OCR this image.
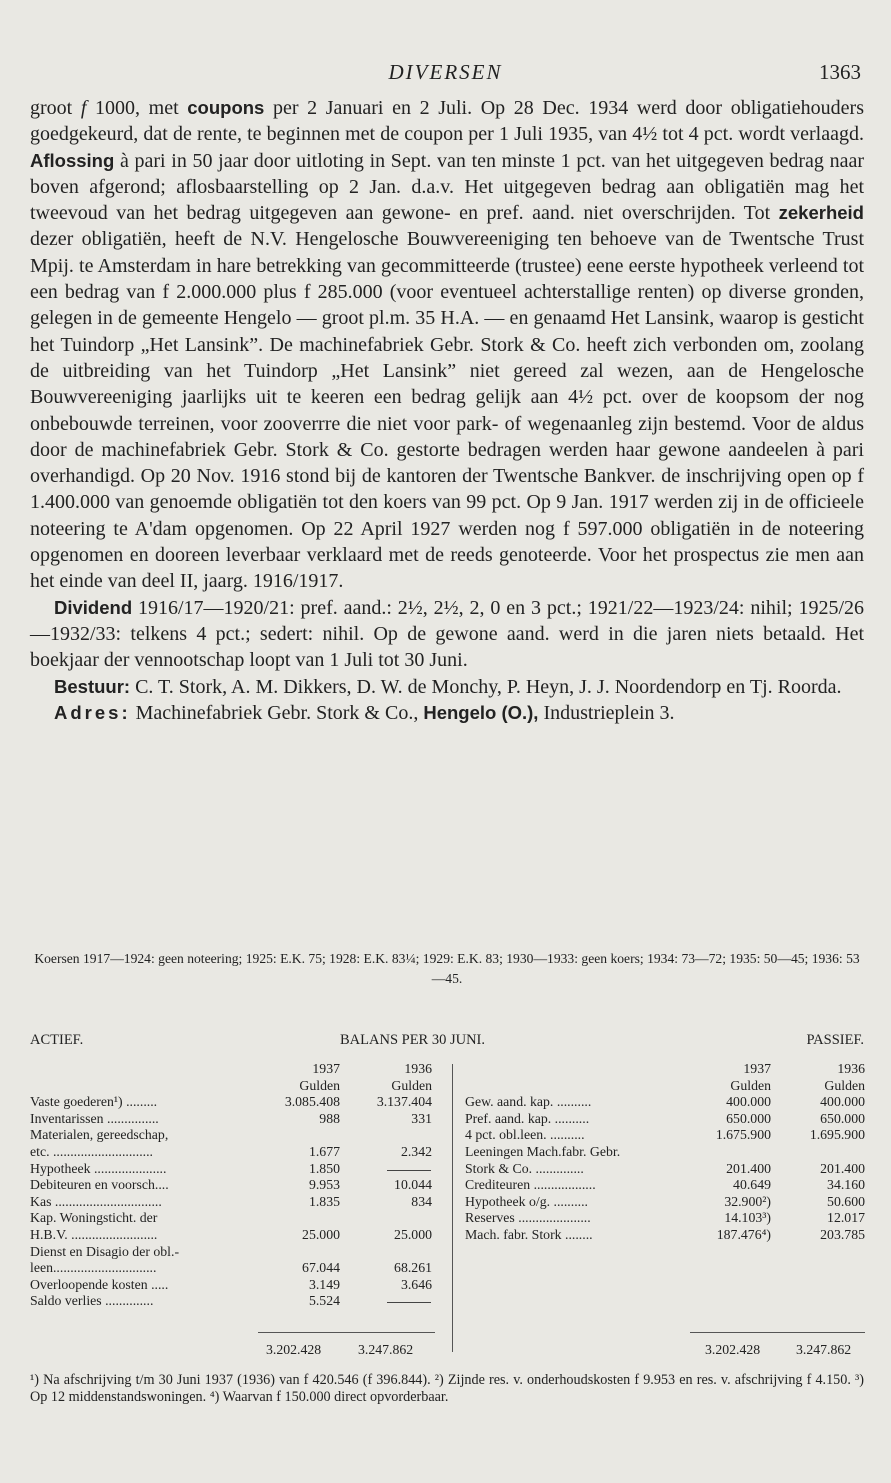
DIVERSEN	1363

groot f 1000, met coupons per 2 Januari en 2 Juli. Op 28 Dec. 1934 werd door obligatiehouders goedgekeurd, dat de rente, te beginnen met de coupon per 1 Juli 1935, van 4½ tot 4 pct. wordt verlaagd. Aflossing à pari in 50 jaar door uitloting in Sept. van ten minste 1 pct. van het uitgegeven bedrag naar boven afgerond; aflosbaarstelling op 2 Jan. d.a.v. Het uitgegeven bedrag aan obligatiën mag het tweevoud van het bedrag uitgegeven aan gewone- en pref. aand. niet overschrijden. Tot zekerheid dezer obligatiën, heeft de N.V. Hengelosche Bouwvereeniging ten behoeve van de Twentsche Trust Mpij. te Amsterdam in hare betrekking van gecommitteerde (trustee) eene eerste hypotheek verleend tot een bedrag van f 2.000.000 plus f 285.000 (voor eventueel achterstallige renten) op diverse gronden, gelegen in de gemeente Hengelo — groot pl.m. 35 H.A. — en genaamd Het Lansink, waarop is gesticht het Tuindorp „Het Lansink”. De machinefabriek Gebr. Stork & Co. heeft zich verbonden om, zoolang de uitbreiding van het Tuindorp „Het Lansink” niet gereed zal wezen, aan de Hengelosche Bouwvereeniging jaarlijks uit te keeren een bedrag gelijk aan 4½ pct. over de koopsom der nog onbebouwde terreinen, voor zooverrre die niet voor park- of wegenaanleg zijn bestemd. Voor de aldus door de machinefabriek Gebr. Stork & Co. gestorte bedragen werden haar gewone aandeelen à pari overhandigd. Op 20 Nov. 1916 stond bij de kantoren der Twentsche Bankver. de inschrijving open op f 1.400.000 van genoemde obligatiën tot den koers van 99 pct. Op 9 Jan. 1917 werden zij in de officieele noteering te A'dam opgenomen. Op 22 April 1927 werden nog f 597.000 obligatiën in de noteering opgenomen en dooreen leverbaar verklaard met de reeds genoteerde. Voor het prospectus zie men aan het einde van deel II, jaarg. 1916/1917.

Dividend 1916/17—1920/21: pref. aand.: 2½, 2½, 2, 0 en 3 pct.; 1921/22—1923/24: nihil; 1925/26—1932/33: telkens 4 pct.; sedert: nihil. Op de gewone aand. werd in die jaren niets betaald. Het boekjaar der vennootschap loopt van 1 Juli tot 30 Juni.

Bestuur: C. T. Stork, A. M. Dikkers, D. W. de Monchy, P. Heyn, J. J. Noordendorp en Tj. Roorda.

Adres: Machinefabriek Gebr. Stork & Co., Hengelo (O.), Industrieplein 3.

Koersen 1917—1924: geen noteering; 1925: E.K. 75; 1928: E.K. 83¼; 1929: E.K. 83; 1930—1933: geen koers; 1934: 73—72; 1935: 50—45; 1936: 53—45.
ACTIEF.	BALANS PER 30 JUNI.	PASSIEF.
1937	1936
Gulden	Gulden
Vaste goederen¹) .........	3.085.408	3.137.404
Inventarissen ...............	988	331
Materialen, gereedschap,
etc. .............................	1.677	2.342
Hypotheek .....................	1.850
Debiteuren en voorsch....	9.953	10.044
Kas ...............................	1.835	834
Kap. Woningsticht. der
H.B.V. .........................	25.000	25.000
Dienst en Disagio der obl.-
leen..............................	67.044	68.261
Overloopende kosten .....	3.149	3.646
Saldo verlies ..............	5.524
1937	1936
Gulden	Gulden
Gew. aand. kap. ..........	400.000	400.000
Pref. aand. kap. ..........	650.000	650.000
4 pct. obl.leen. ..........	1.675.900	1.695.900
Leeningen Mach.fabr. Gebr.
Stork & Co. ..............	201.400	201.400
Crediteuren ..................	40.649	34.160
Hypotheek o/g. ..........	32.900²)	50.600
Reserves .....................	14.103³)	12.017
Mach. fabr. Stork ........	187.476⁴)	203.785
3.202.428	3.247.862	3.202.428	3.247.862
¹) Na afschrijving t/m 30 Juni 1937 (1936) van f 420.546 (f 396.844). ²) Zijnde res. v. onderhoudskosten f 9.953 en res. v. afschrijving f 4.150. ³) Op 12 middenstandswoningen. ⁴) Waarvan f 150.000 direct opvorderbaar.
